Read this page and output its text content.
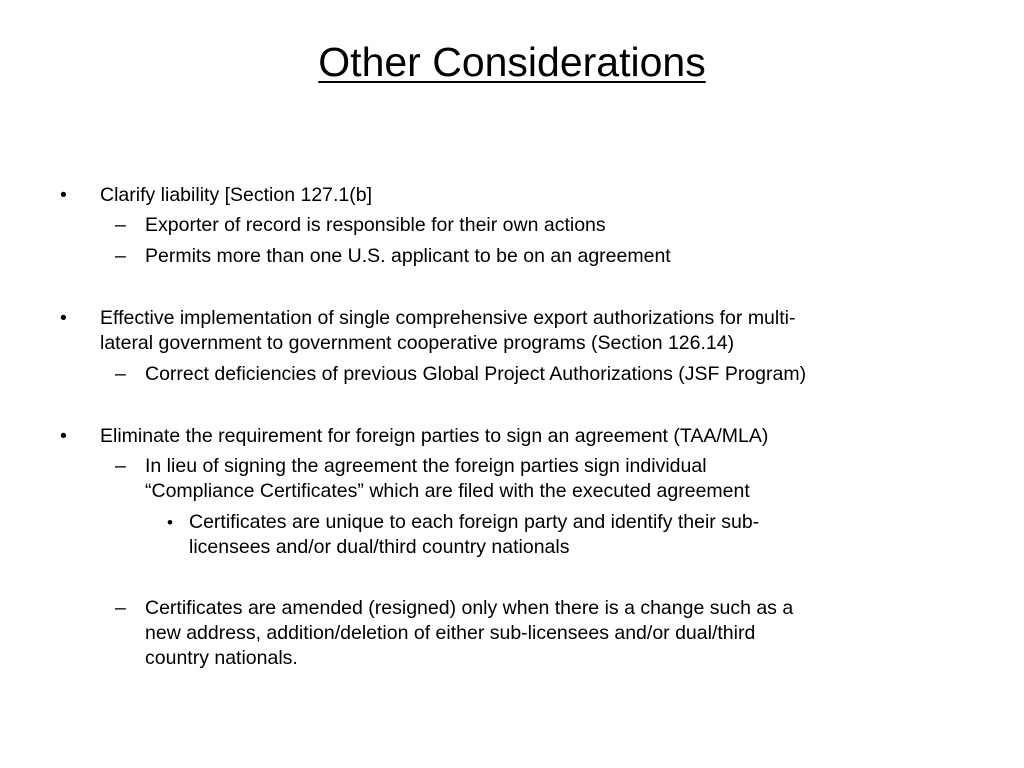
Other Considerations
• Clarify liability [Section 127.1(b]
– Exporter of record is responsible for their own actions
– Permits more than one U.S. applicant to be on an agreement
• Effective implementation of single comprehensive export authorizations for multi-
lateral government to government cooperative programs (Section 126.14)
– Correct deficiencies of previous Global Project Authorizations (JSF Program)
• Eliminate the requirement for foreign parties to sign an agreement (TAA/MLA)
– In lieu of signing the agreement the foreign parties sign individual
“Compliance Certificates” which are filed with the executed agreement
• Certificates are unique to each foreign party and identify their sub-
licensees and/or dual/third country nationals
– Certificates are amended (resigned) only when there is a change such as a
new address, addition/deletion of either sub-licensees and/or dual/third
country nationals.
